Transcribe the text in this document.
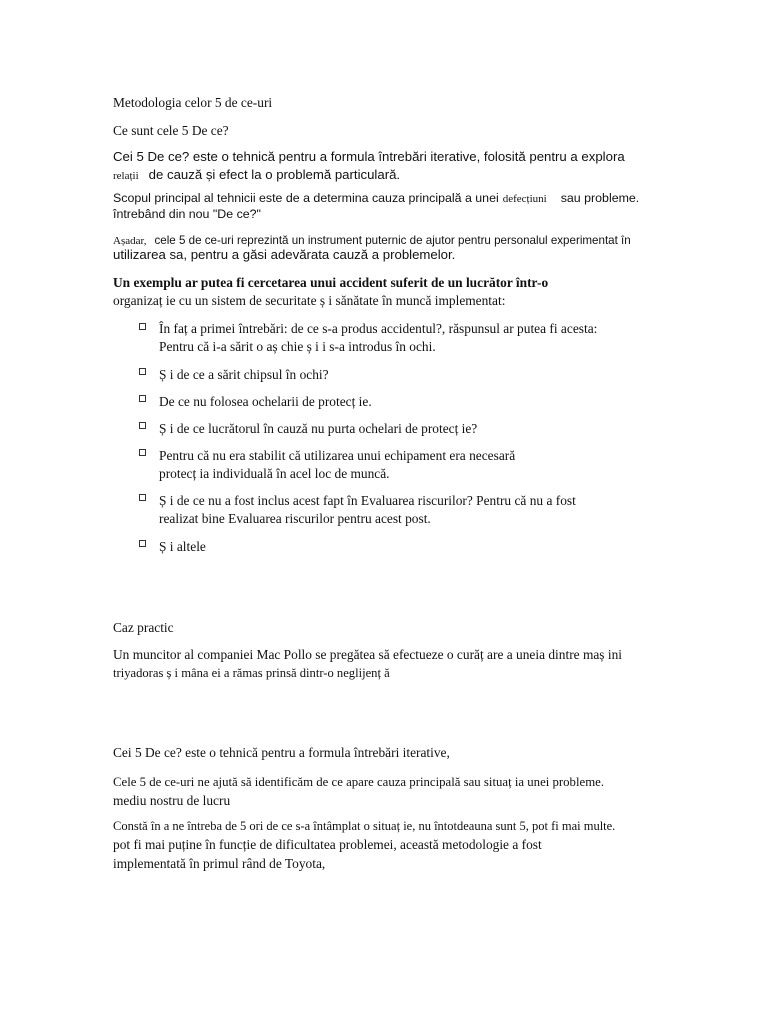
Metodologia celor 5 de ce-uri
Ce sunt cele 5 De ce?
Cei 5 De ce? este o tehnică pentru a formula întrebări iterative, folosită pentru a explora
relații de cauză și efect la o problemă particulară.
Scopul principal al tehnicii este de a determina cauza principală a unei defecțiuni sau probleme.
întrebând din nou "De ce?"
Așadar, cele 5 de ce-uri reprezintă un instrument puternic de ajutor pentru personalul experimentat în
utilizarea sa, pentru a găsi adevărata cauză a problemelor.
Un exemplu ar putea fi cercetarea unui accident suferit de un lucrător într-o
organizaț ie cu un sistem de securitate ș i sănătate în muncă implementat:
În faț a primei întrebări: de ce s-a produs accidentul?, răspunsul ar putea fi acesta:
Pentru că i-a sărit o aș chie ș i i s-a introdus în ochi.
Ș i de ce a sărit chipsul în ochi?
De ce nu folosea ochelarii de protecț ie.
Ș i de ce lucrătorul în cauză nu purta ochelari de protecț ie?
Pentru că nu era stabilit că utilizarea unui echipament era necesară
protecț ia individuală în acel loc de muncă.
Ș i de ce nu a fost inclus acest fapt în Evaluarea riscurilor? Pentru că nu a fost
realizat bine Evaluarea riscurilor pentru acest post.
Ș i altele
Caz practic
Un muncitor al companiei Mac Pollo se pregătea să efectueze o curăț are a uneia dintre maș ini
triyadoras ș i mâna ei a rămas prinsă dintr-o neglijenț ă
Cei 5 De ce? este o tehnică pentru a formula întrebări iterative,
Cele 5 de ce-uri ne ajută să identificăm de ce apare cauza principală sau situaț ia unei probleme.
mediu nostru de lucru
Constă în a ne întreba de 5 ori de ce s-a întâmplat o situaț ie, nu întotdeauna sunt 5, pot fi mai multe.
pot fi mai puține în funcție de dificultatea problemei, această metodologie a fost
implementată în primul rând de Toyota,
